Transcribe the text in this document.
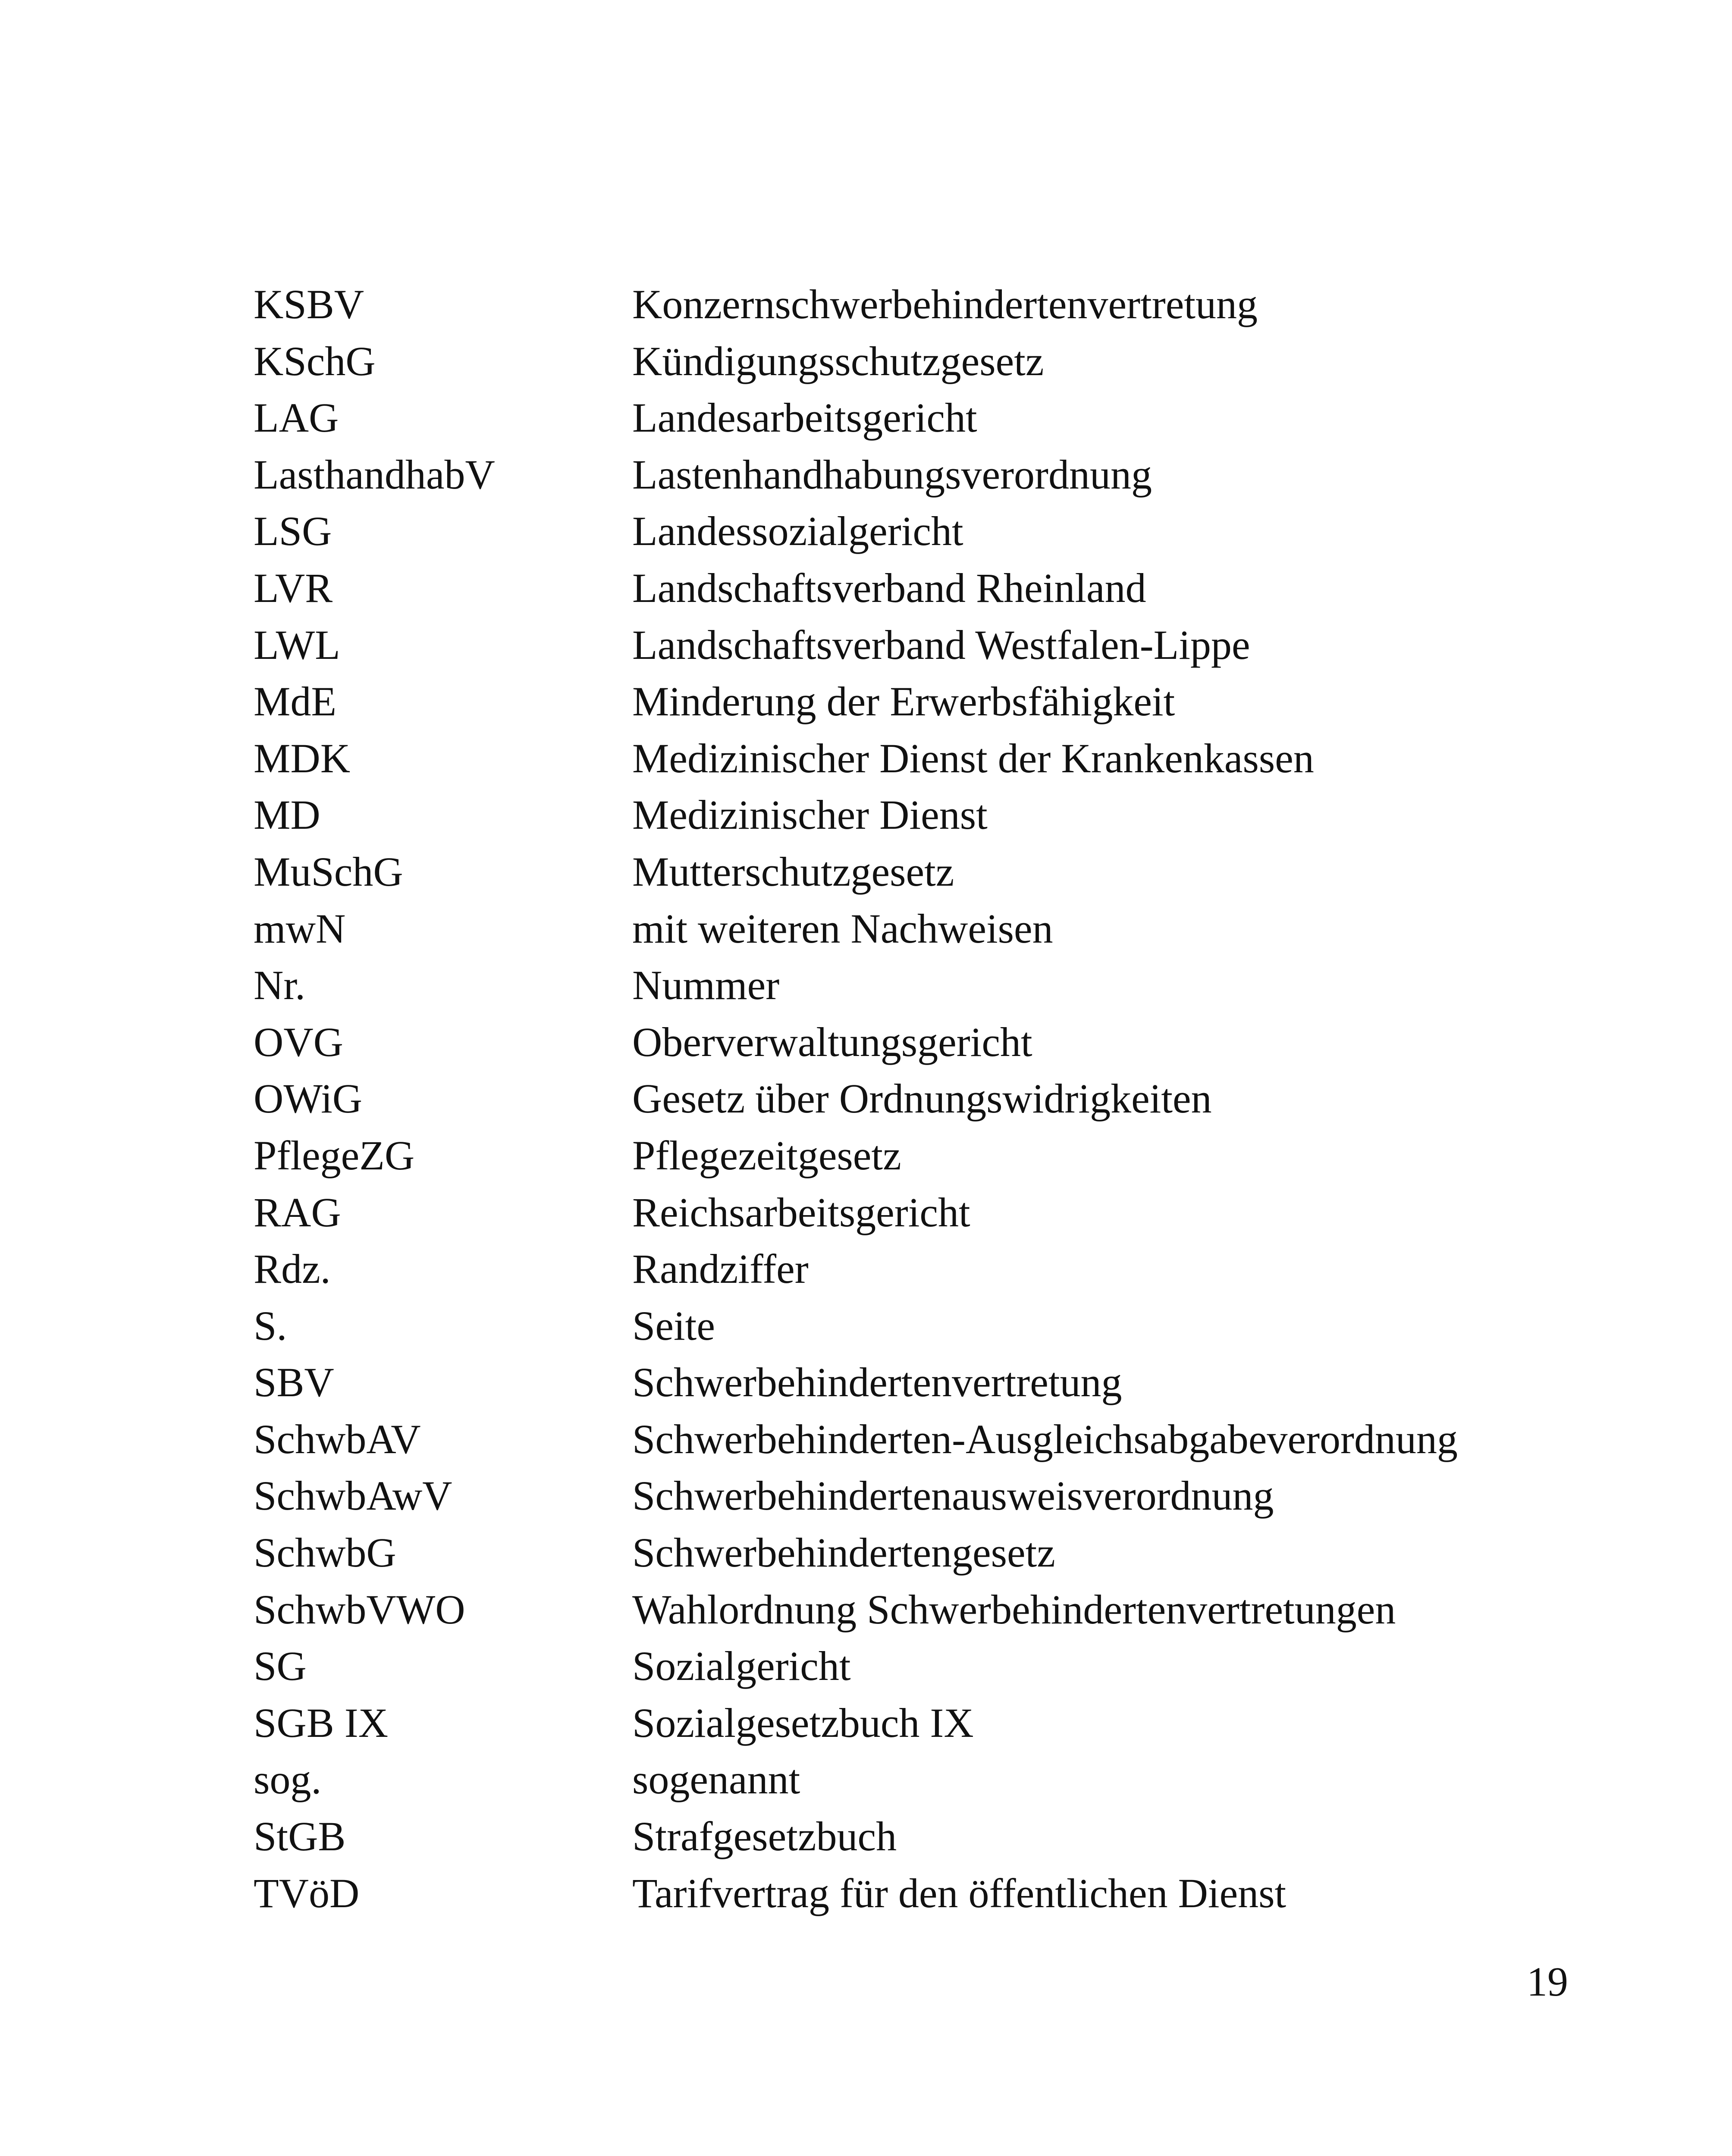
KSBV	Konzernschwerbehindertenvertretung
KSchG	Kündigungsschutzgesetz
LAG	Landesarbeitsgericht
LasthandhabV	Lastenhandhabungsverordnung
LSG	Landessozialgericht
LVR	Landschaftsverband Rheinland
LWL	Landschaftsverband Westfalen-Lippe
MdE	Minderung der Erwerbsfähigkeit
MDK	Medizinischer Dienst der Krankenkassen
MD	Medizinischer Dienst
MuSchG	Mutterschutzgesetz
mwN	mit weiteren Nachweisen
Nr.	Nummer
OVG	Oberverwaltungsgericht
OWiG	Gesetz über Ordnungswidrigkeiten
PflegeZG	Pflegezeitgesetz
RAG	Reichsarbeitsgericht
Rdz.	Randziffer
S.	Seite
SBV	Schwerbehindertenvertretung
SchwbAV	Schwerbehinderten-Ausgleichsabgabeverordnung
SchwbAwV	Schwerbehindertenausweisverordnung
SchwbG	Schwerbehindertengesetz
SchwbVWO	Wahlordnung Schwerbehindertenvertretungen
SG	Sozialgericht
SGB IX	Sozialgesetzbuch IX
sog.	sogenannt
StGB	Strafgesetzbuch
TVöD	Tarifvertrag für den öffentlichen Dienst
19
